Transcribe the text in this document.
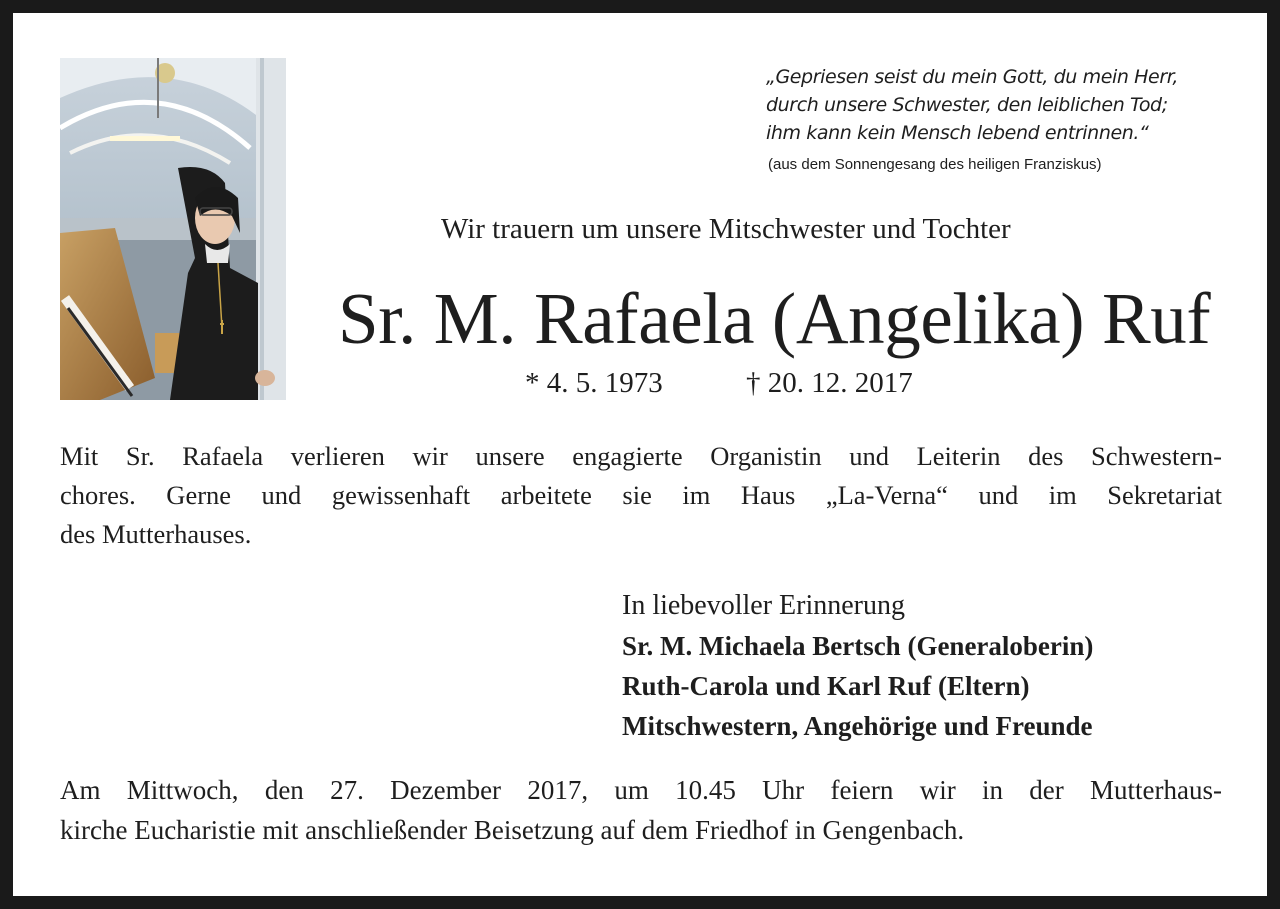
„Gepriesen seist du mein Gott, du mein Herr,
durch unsere Schwester, den leiblichen Tod;
ihm kann kein Mensch lebend entrinnen.“
(aus dem Sonnengesang des heiligen Franziskus)
Wir trauern um unsere Mitschwester und Tochter
Sr. M. Rafaela (Angelika) Ruf
* 4. 5. 1973	† 20. 12. 2017
Mit Sr. Rafaela verlieren wir unsere engagierte Organistin und Leiterin des Schwestern-
chores. Gerne und gewissenhaft arbeitete sie im Haus „La-Verna“ und im Sekretariat
des Mutterhauses.
In liebevoller Erinnerung
Sr. M. Michaela Bertsch (Generaloberin)
Ruth-Carola und Karl Ruf (Eltern)
Mitschwestern, Angehörige und Freunde
Am Mittwoch, den 27. Dezember 2017, um 10.45 Uhr feiern wir in der Mutterhaus-
kirche Eucharistie mit anschließender Beisetzung auf dem Friedhof in Gengenbach.
